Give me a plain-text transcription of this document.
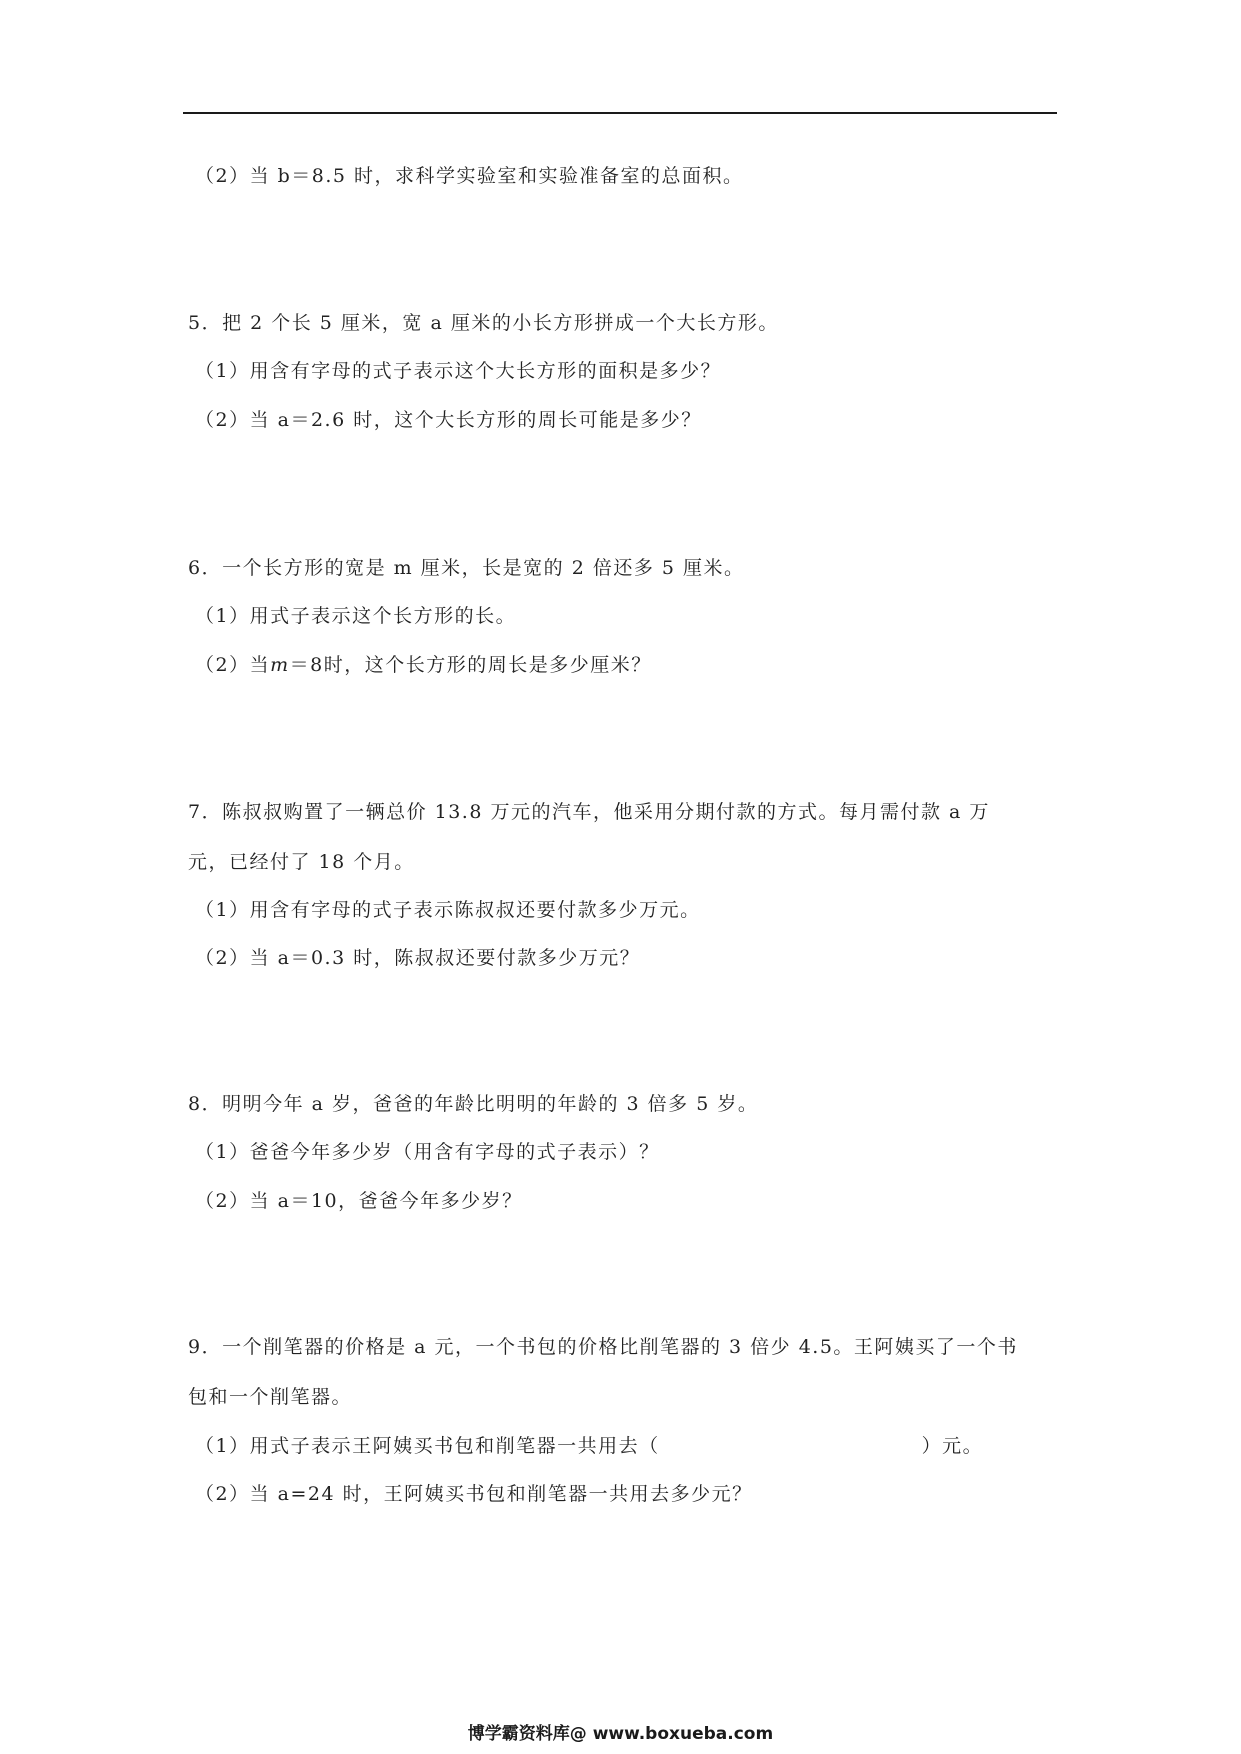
（2）当 b＝8.5 时，求科学实验室和实验准备室的总面积。
5．把 2 个长 5 厘米，宽 a 厘米的小长方形拼成一个大长方形。
（1）用含有字母的式子表示这个大长方形的面积是多少？
（2）当 a＝2.6 时，这个大长方形的周长可能是多少？
6．一个长方形的宽是 m 厘米，长是宽的 2 倍还多 5 厘米。
（1）用式子表示这个长方形的长。
（2）当m＝8时，这个长方形的周长是多少厘米？
7．陈叔叔购置了一辆总价 13.8 万元的汽车，他采用分期付款的方式。每月需付款 a 万
元，已经付了 18 个月。
（1）用含有字母的式子表示陈叔叔还要付款多少万元。
（2）当 a＝0.3 时，陈叔叔还要付款多少万元？
8．明明今年 a 岁，爸爸的年龄比明明的年龄的 3 倍多 5 岁。
（1）爸爸今年多少岁（用含有字母的式子表示）？
（2）当 a＝10，爸爸今年多少岁？
9．一个削笔器的价格是 a 元，一个书包的价格比削笔器的 3 倍少 4.5。王阿姨买了一个书
包和一个削笔器。
（1）用式子表示王阿姨买书包和削笔器一共用去（	）元。
（2）当 a=24 时，王阿姨买书包和削笔器一共用去多少元？
博学霸资料库@ www.boxueba.com
